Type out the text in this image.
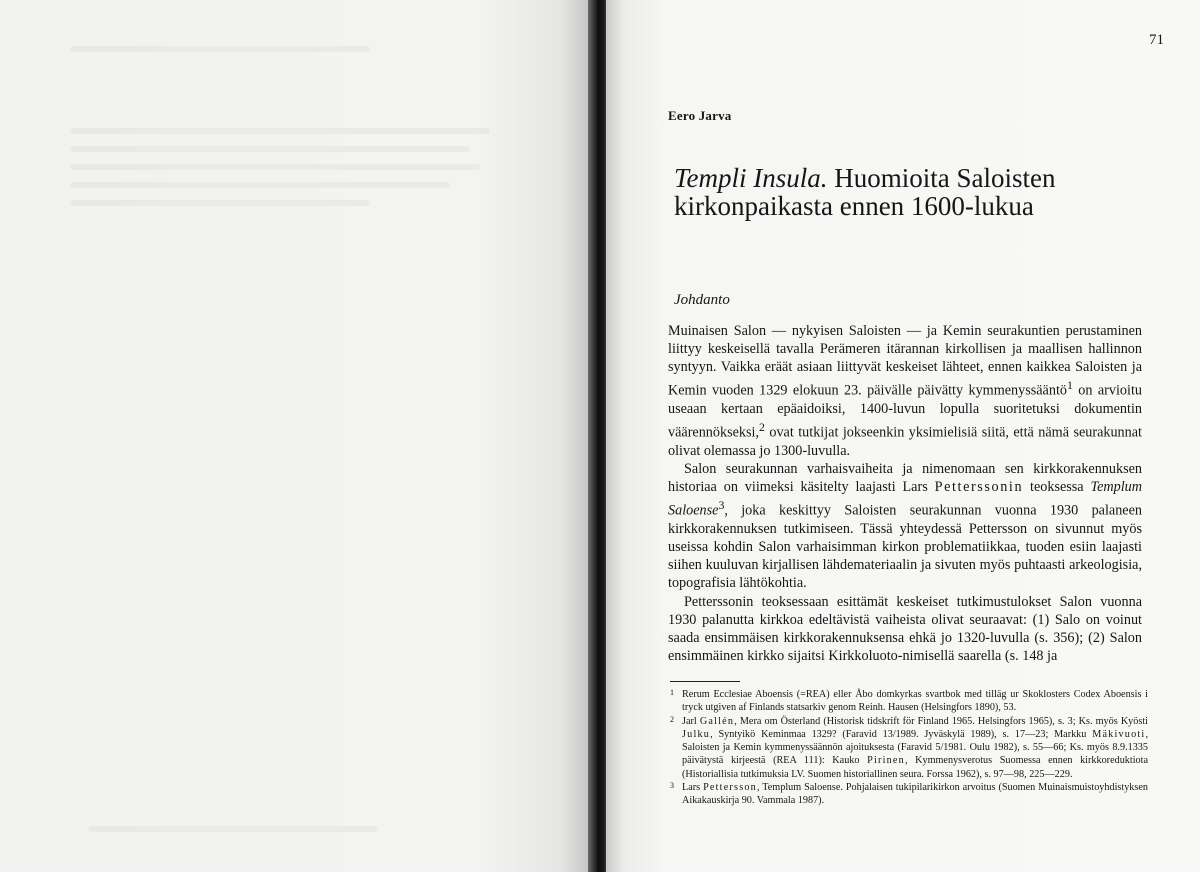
71
Eero Jarva
Templi Insula. Huomioita Saloisten kirkonpaikasta ennen 1600-lukua
Johdanto

Muinaisen Salon — nykyisen Saloisten — ja Kemin seurakuntien perustaminen liittyy keskeisellä tavalla Perämeren itärannan kirkollisen ja maallisen hallinnon syntyyn. Vaikka eräät asiaan liittyvät keskeiset lähteet, ennen kaikkea Saloisten ja Kemin vuoden 1329 elokuun 23. päivälle päivätty kymmenyssääntö$^1$ on arvioitu useaan kertaan epäaidoiksi, 1400-luvun lopulla suoritetuksi dokumentin väärennökseksi,$^2$ ovat tutkijat jokseenkin yksimielisiä siitä, että nämä seurakunnat olivat olemassa jo 1300-luvulla.

Salon seurakunnan varhaisvaiheita ja nimenomaan sen kirkkorakennuksen historiaa on viimeksi käsitelty laajasti Lars Petterssonin teoksessa Templum Saloense$^3$, joka keskittyy Saloisten seurakunnan vuonna 1930 palaneen kirkkorakennuksen tutkimiseen. Tässä yhteydessä Pettersson on sivunnut myös useissa kohdin Salon varhaisimman kirkon problematiikkaa, tuoden esiin laajasti siihen kuuluvan kirjallisen lähdemateriaalin ja sivuten myös puhtaasti arkeologisia, topografisia lähtökohtia.

Petterssonin teoksessaan esittämät keskeiset tutkimustulokset Salon vuonna 1930 palanutta kirkkoa edeltävistä vaiheista olivat seuraavat: (1) Salo on voinut saada ensimmäisen kirkkorakennuksensa ehkä jo 1320-luvulla (s. 356); (2) Salon ensimmäinen kirkko sijaitsi Kirkkoluoto-nimisellä saarella (s. 148 ja

1 Rerum Ecclesiae Aboensis (=REA) eller Åbo domkyrkas svartbok med tilläg ur Skoklosters Codex Aboensis i tryck utgiven af Finlands statsarkiv genom Reinh. Hausen (Helsingfors 1890), 53.

2 Jarl Gallén, Mera om Österland (Historisk tidskrift för Finland 1965. Helsingfors 1965), s. 3; Ks. myös Kyösti Julku, Syntyikö Keminmaa 1329? (Faravid 13/1989. Jyväskylä 1989), s. 17—23; Markku Mäkivuoti, Saloisten ja Kemin kymmenyssäännön ajoituksesta (Faravid 5/1981. Oulu 1982), s. 55—66; Ks. myös 8.9.1335 päivätystä kirjeestä (REA 111): Kauko Pirinen, Kymmenysverotus Suomessa ennen kirkkoreduktiota (Historiallisia tutkimuksia LV. Suomen historiallinen seura. Forssa 1962), s. 97—98, 225—229.

3 Lars Pettersson, Templum Saloense. Pohjalaisen tukipilarikirkon arvoitus (Suomen Muinaismuistoyhdistyksen Aikakauskirja 90. Vammala 1987).
